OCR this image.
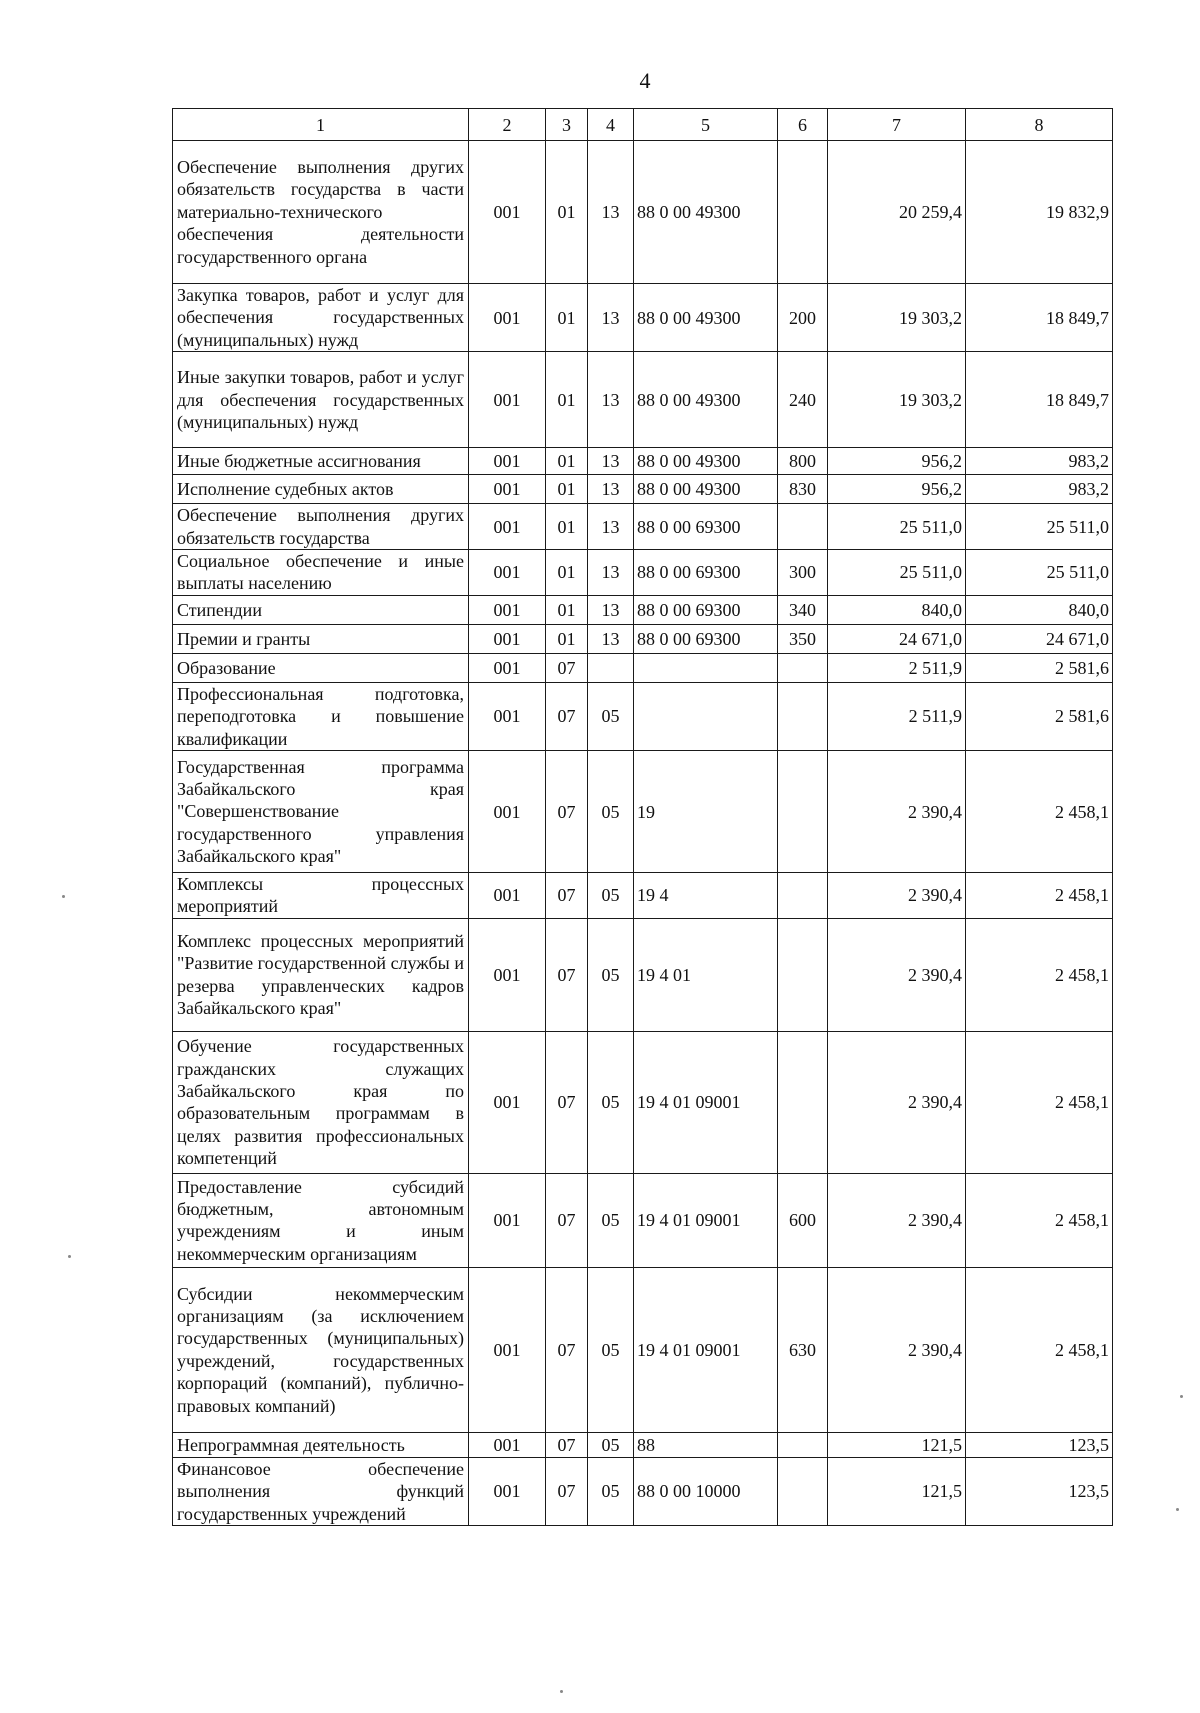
4
1	2	3	4	5	6	7	8
Обеспечение выполнения других обязательств государства в части материально-технического обеспечения деятельности государственного органа	001	01	13	88 0 00 49300		20 259,4	19 832,9
Закупка товаров, работ и услуг для обеспечения государственных (муниципальных) нужд	001	01	13	88 0 00 49300	200	19 303,2	18 849,7
Иные закупки товаров, работ и услуг для обеспечения государственных (муниципальных) нужд	001	01	13	88 0 00 49300	240	19 303,2	18 849,7
Иные бюджетные ассигнования	001	01	13	88 0 00 49300	800	956,2	983,2
Исполнение судебных актов	001	01	13	88 0 00 49300	830	956,2	983,2
Обеспечение выполнения других обязательств государства	001	01	13	88 0 00 69300		25 511,0	25 511,0
Социальное обеспечение и иные выплаты населению	001	01	13	88 0 00 69300	300	25 511,0	25 511,0
Стипендии	001	01	13	88 0 00 69300	340	840,0	840,0
Премии и гранты	001	01	13	88 0 00 69300	350	24 671,0	24 671,0
Образование	001	07				2 511,9	2 581,6
Профессиональная подготовка, переподготовка и повышение квалификации	001	07	05			2 511,9	2 581,6
Государственная программа Забайкальского края "Совершенствование государственного управления Забайкальского края"	001	07	05	19		2 390,4	2 458,1
Комплексы процессных мероприятий	001	07	05	19 4		2 390,4	2 458,1
Комплекс процессных мероприятий "Развитие государственной службы и резерва управленческих кадров Забайкальского края"	001	07	05	19 4 01		2 390,4	2 458,1
Обучение государственных гражданских служащих Забайкальского края по образовательным программам в целях развития профессиональных компетенций	001	07	05	19 4 01 09001		2 390,4	2 458,1
Предоставление субсидий бюджетным, автономным учреждениям и иным некоммерческим организациям	001	07	05	19 4 01 09001	600	2 390,4	2 458,1
Субсидии некоммерческим организациям (за исключением государственных (муниципальных) учреждений, государственных корпораций (компаний), публично-правовых компаний)	001	07	05	19 4 01 09001	630	2 390,4	2 458,1
Непрограммная деятельность	001	07	05	88		121,5	123,5
Финансовое обеспечение выполнения функций государственных учреждений	001	07	05	88 0 00 10000		121,5	123,5
